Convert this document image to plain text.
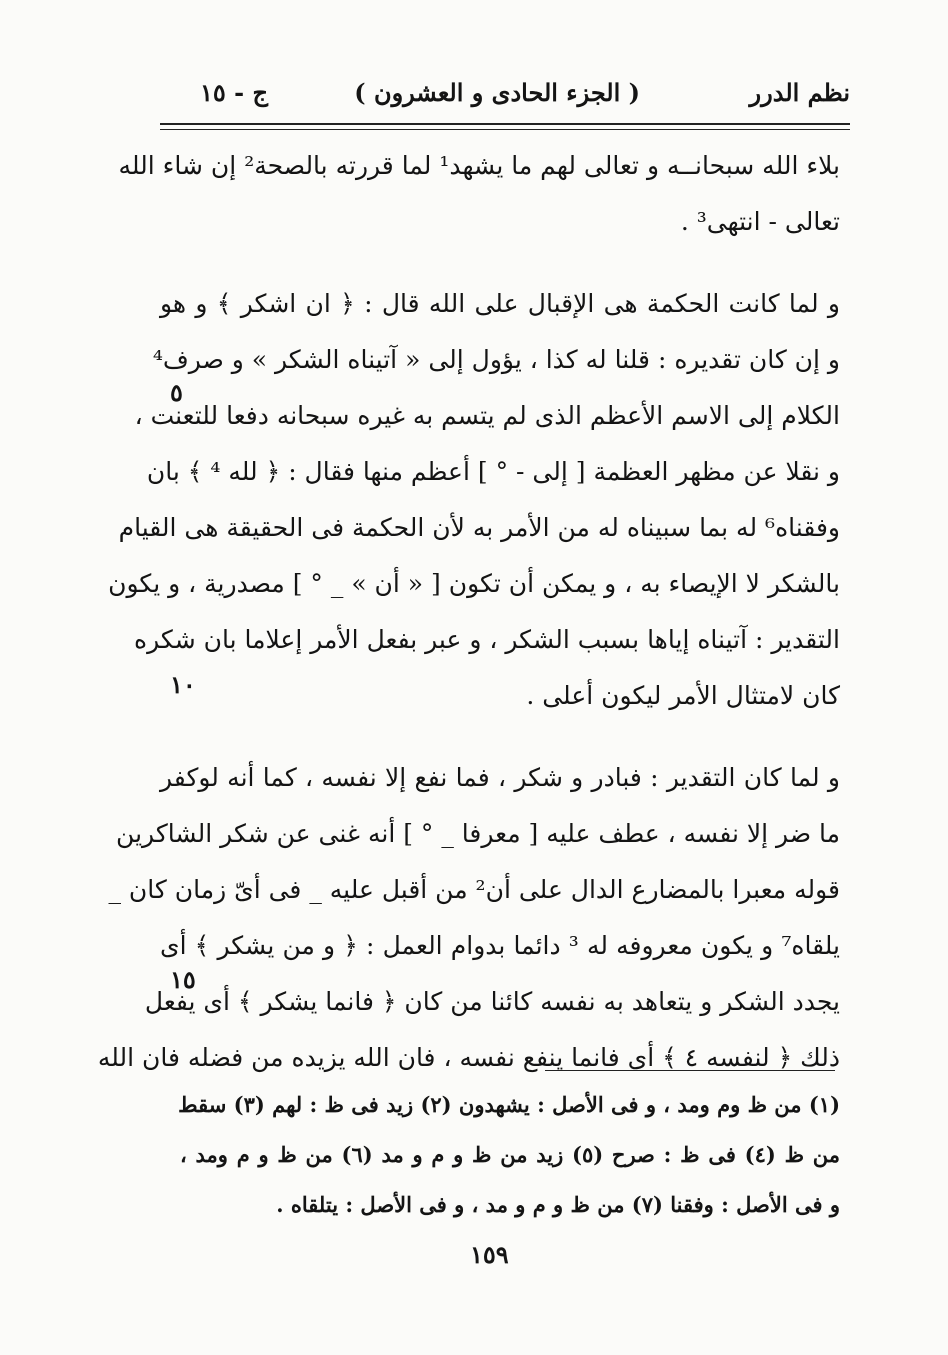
نظم الدرر
( الجزء الحادى و العشرون )
ج - ١٥
بلاء الله سبحانــه و تعالى لهم ما يشهد¹ لما قررته بالصحة² إن شاء الله
تعالى - انتهى³ .
و لما كانت الحكمة هى الإقبال على الله قال : ﴿ ان اشكر ﴾ و هو
و إن كان تقديره : قلنا له كذا ، يؤول إلى « آتيناه الشكر » و صرف⁴
الكلام إلى الاسم الأعظم الذى لم يتسم به غيره سبحانه دفعا للتعنت ،
و نقلا عن مظهر العظمة [ إلى - ° ] أعظم منها فقال : ﴿ لله ⁴ ﴾ بان
وفقناه⁶ له بما سبيناه له من الأمر به لأن الحكمة فى الحقيقة هى القيام
بالشكر لا الإيصاء به ، و يمكن أن تكون [ « أن » _ ° ] مصدرية ، و يكون
التقدير : آتيناه إياها بسبب الشكر ، و عبر بفعل الأمر إعلاما بان شكره
كان لامتثال الأمر ليكون أعلى .
و لما كان التقدير : فبادر و شكر ، فما نفع إلا نفسه ، كما أنه لوكفر
ما ضر إلا نفسه ، عطف عليه [ معرفا _ ° ] أنه غنى عن شكر الشاكرين
قوله معبرا بالمضارع الدال على أن² من أقبل عليه _ فى أىّ زمان كان _
يلقاه⁷ و يكون معروفه له ³ دائما بدوام العمل : ﴿ و من يشكر ﴾ أى
يجدد الشكر و يتعاهد به نفسه كائنا من كان ﴿ فانما يشكر ﴾ أى يفعل
ذلك ﴿ لنفسه ٤ ﴾ أى فانما ينفع نفسه ، فان الله يزيده من فضله فان الله
٥
١٠
١٥
(١) من ظ وم ومد ، و فى الأصل : يشهدون (٢) زيد فى ظ : لهم (٣) سقط
من ظ (٤) فى ظ : صرح (٥) زيد من ظ و م و مد (٦) من ظ و م ومد ،
و فى الأصل : وفقنا (٧) من ظ و م و مد ، و فى الأصل : يتلقاه .
١٥٩
